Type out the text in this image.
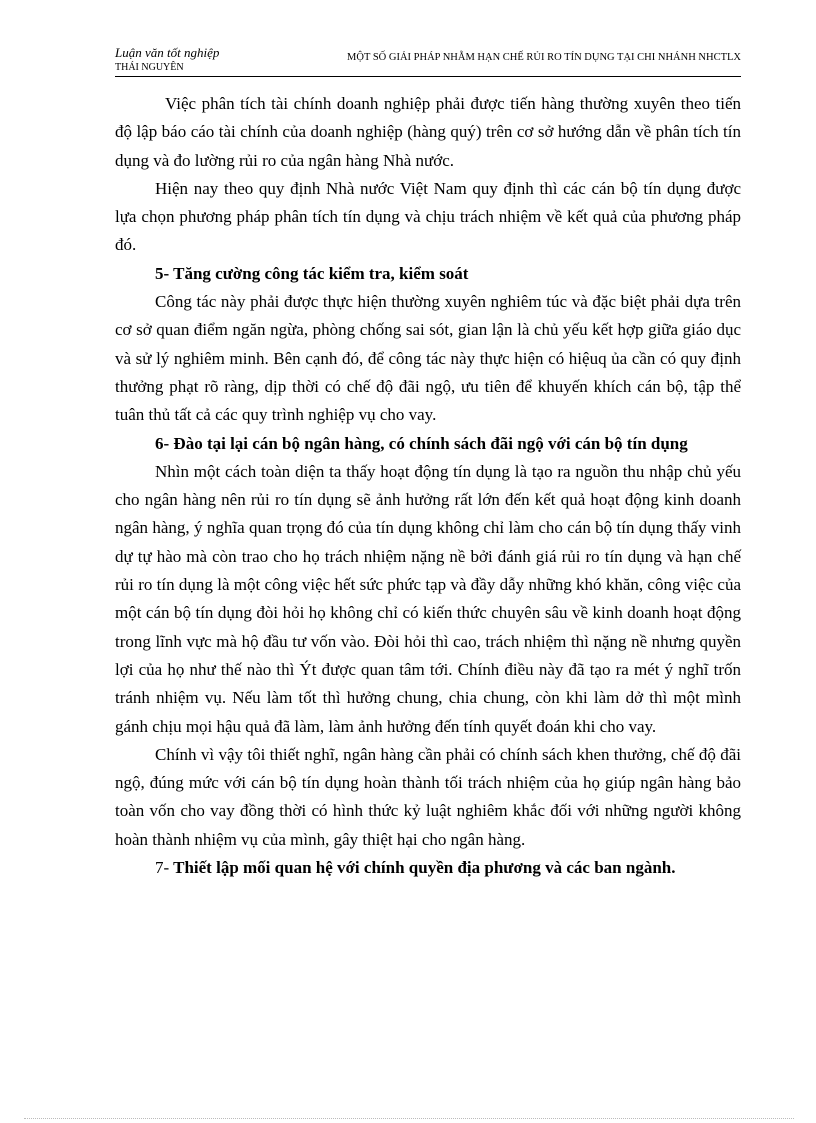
Luận văn tốt nghiệp
THÁI NGUYÊN
MỘT SỐ GIẢI PHÁP NHẰM HẠN CHẾ RỦI RO TÍN DỤNG TẠI CHI NHÁNH NHCTLX

Việc phân tích tài chính doanh nghiệp phải được tiến hàng thường xuyên theo tiến độ lập báo cáo tài chính của doanh nghiệp (hàng quý) trên cơ sở hướng dẫn về phân tích tín dụng và đo lường rủi ro của ngân hàng Nhà nước.

Hiện nay theo quy định Nhà nước Việt Nam quy định thì các cán bộ tín dụng được lựa chọn phương pháp phân tích tín dụng và chịu trách nhiệm về kết quả của phương pháp đó.

5- Tăng cường công tác kiểm tra, kiểm soát

Công tác này phải được thực hiện thường xuyên nghiêm túc và đặc biệt phải dựa trên cơ sở quan điểm ngăn ngừa, phòng chống sai sót, gian lận là chủ yếu kết hợp giữa giáo dục và sử lý nghiêm minh. Bên cạnh đó, để công tác này thực hiện có hiệuq ủa cần có quy định thưởng phạt rõ ràng, dịp thời có chế độ đãi ngộ, ưu tiên để khuyến khích cán bộ, tập thể tuân thủ tất cả các quy trình nghiệp vụ cho vay.

6- Đào tại lại cán bộ ngân hàng, có chính sách đãi ngộ với cán bộ tín dụng

Nhìn một cách toàn diện ta thấy hoạt động tín dụng là tạo ra nguồn thu nhập chủ yếu cho ngân hàng nên rủi ro tín dụng sẽ ảnh hưởng rất lớn đến kết quả hoạt động kinh doanh ngân hàng, ý nghĩa quan trọng đó của tín dụng không chỉ làm cho cán bộ tín dụng thấy vinh dự tự hào mà còn trao cho họ trách nhiệm nặng nề bởi đánh giá rủi ro tín dụng và hạn chế rủi ro tín dụng là một công việc hết sức phức tạp và đầy dẫy những khó khăn, công việc của một cán bộ tín dụng đòi hỏi họ không chỉ có kiến thức chuyên sâu về kinh doanh hoạt động trong lĩnh vực mà hộ đầu tư vốn vào. Đòi hỏi thì cao, trách nhiệm thì nặng nề nhưng quyền lợi của họ như thế nào thì Ýt được quan tâm tới. Chính điều này đã tạo ra mét ý nghĩ trốn tránh nhiệm vụ. Nếu làm tốt thì hưởng chung, chia chung, còn khi làm dở thì một mình gánh chịu mọi hậu quả đã làm, làm ảnh hưởng đến tính quyết đoán khi cho vay.

Chính vì vậy tôi thiết nghĩ, ngân hàng cần phải có chính sách khen thưởng, chế độ đãi ngộ, đúng mức với cán bộ tín dụng hoàn thành tối trách nhiệm của họ giúp ngân hàng bảo toàn vốn cho vay đồng thời có hình thức kỷ luật nghiêm khắc đối với những người không hoàn thành nhiệm vụ của mình, gây thiệt hại cho ngân hàng.

7- Thiết lập mối quan hệ với chính quyền địa phương và các ban ngành.
